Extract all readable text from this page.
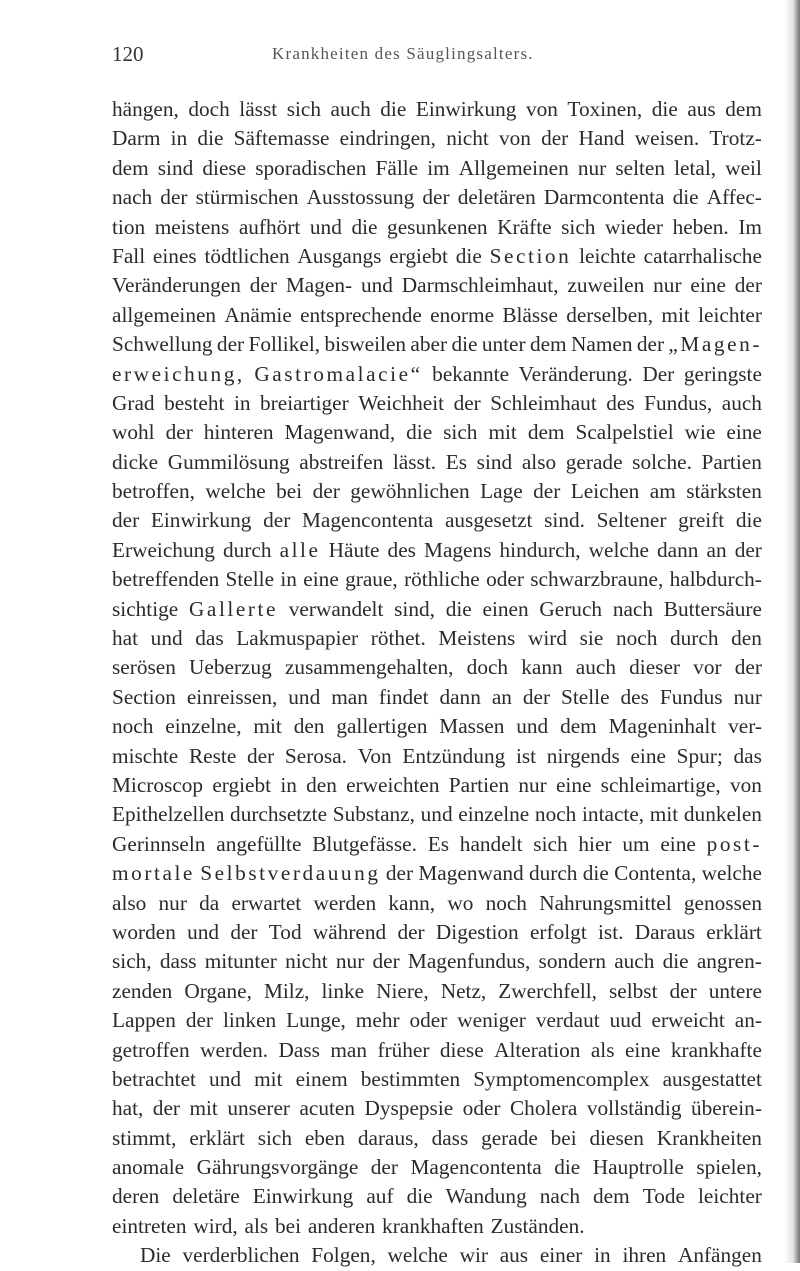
120	Krankheiten des Säuglingsalters.
hängen, doch lässt sich auch die Einwirkung von Toxinen, die aus dem
Darm in die Säftemasse eindringen, nicht von der Hand weisen. Trotz-
dem sind diese sporadischen Fälle im Allgemeinen nur selten letal, weil
nach der stürmischen Ausstossung der deletären Darmcontenta die Affec-
tion meistens aufhört und die gesunkenen Kräfte sich wieder heben. Im
Fall eines tödtlichen Ausgangs ergiebt die Section leichte catarrhalische
Veränderungen der Magen- und Darmschleimhaut, zuweilen nur eine der
allgemeinen Anämie entsprechende enorme Blässe derselben, mit leichter
Schwellung der Follikel, bisweilen aber die unter dem Namen der „Magen-
erweichung, Gastromalacie“ bekannte Veränderung. Der geringste
Grad besteht in breiartiger Weichheit der Schleimhaut des Fundus, auch
wohl der hinteren Magenwand, die sich mit dem Scalpelstiel wie eine
dicke Gummilösung abstreifen lässt. Es sind also gerade solche. Partien
betroffen, welche bei der gewöhnlichen Lage der Leichen am stärksten
der Einwirkung der Magencontenta ausgesetzt sind. Seltener greift die
Erweichung durch alle Häute des Magens hindurch, welche dann an der
betreffenden Stelle in eine graue, röthliche oder schwarzbraune, halbdurch-
sichtige Gallerte verwandelt sind, die einen Geruch nach Buttersäure
hat und das Lakmuspapier röthet. Meistens wird sie noch durch den
serösen Ueberzug zusammengehalten, doch kann auch dieser vor der
Section einreissen, und man findet dann an der Stelle des Fundus nur
noch einzelne, mit den gallertigen Massen und dem Mageninhalt ver-
mischte Reste der Serosa. Von Entzündung ist nirgends eine Spur; das
Microscop ergiebt in den erweichten Partien nur eine schleimartige, von
Epithelzellen durchsetzte Substanz, und einzelne noch intacte, mit dunkelen
Gerinnseln angefüllte Blutgefässe. Es handelt sich hier um eine post-
mortale Selbstverdauung der Magenwand durch die Contenta, welche
also nur da erwartet werden kann, wo noch Nahrungsmittel genossen
worden und der Tod während der Digestion erfolgt ist. Daraus erklärt
sich, dass mitunter nicht nur der Magenfundus, sondern auch die angren-
zenden Organe, Milz, linke Niere, Netz, Zwerchfell, selbst der untere
Lappen der linken Lunge, mehr oder weniger verdaut uud erweicht an-
getroffen werden. Dass man früher diese Alteration als eine krankhafte
betrachtet und mit einem bestimmten Symptomencomplex ausgestattet
hat, der mit unserer acuten Dyspepsie oder Cholera vollständig überein-
stimmt, erklärt sich eben daraus, dass gerade bei diesen Krankheiten
anomale Gährungsvorgänge der Magencontenta die Hauptrolle spielen,
deren deletäre Einwirkung auf die Wandung nach dem Tode leichter
eintreten wird, als bei anderen krankhaften Zuständen.
Die verderblichen Folgen, welche wir aus einer in ihren Anfängen
